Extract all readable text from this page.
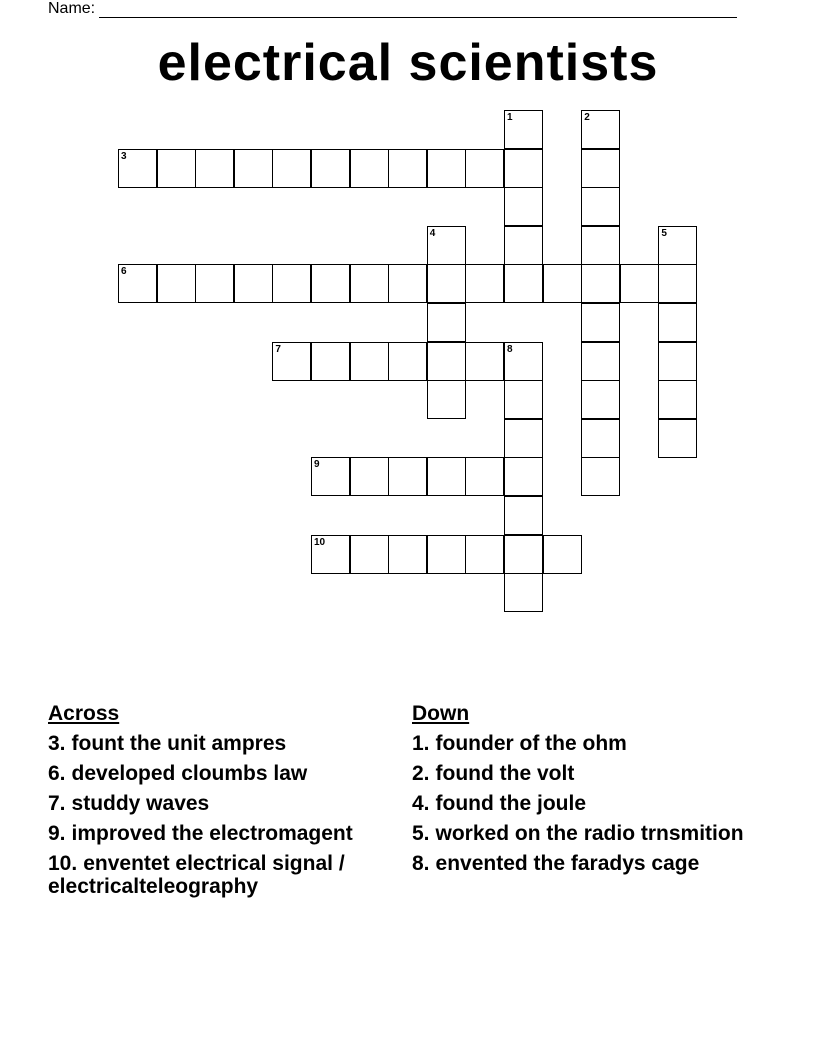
Name:
electrical scientists
1	2
3
4	5
6
7	8
9
10
Across
3. fount the unit ampres
6. developed cloumbs law
7. studdy waves
9. improved the electromagent
10. enventet electrical signal / electricalteleography
Down
1. founder of the ohm
2. found the volt
4. found the joule
5. worked on the radio trnsmition
8. envented the faradys cage
